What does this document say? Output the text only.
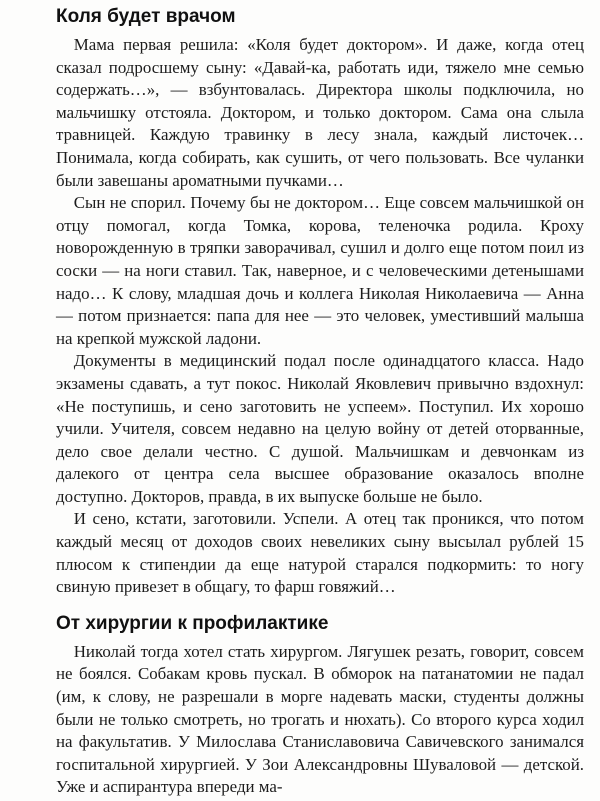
Коля будет врачом

Мама первая решила: «Коля будет доктором». И даже, когда отец сказал подросшему сыну: «Давай-ка, работать иди, тяжело мне семью содержать…», — взбунтовалась. Директора школы подключила, но мальчишку отстояла. Доктором, и только доктором. Сама она слыла травницей. Каждую травинку в лесу знала, каждый листочек… Понимала, когда собирать, как сушить, от чего пользовать. Все чуланки были завешаны ароматными пучками…

Сын не спорил. Почему бы не доктором… Еще совсем мальчишкой он отцу помогал, когда Томка, корова, теленочка родила. Кроху новорожденную в тряпки заворачивал, сушил и долго еще потом поил из соски — на ноги ставил. Так, наверное, и с человеческими детенышами надо… К слову, младшая дочь и коллега Николая Николаевича — Анна — потом признается: папа для нее — это человек, уместивший малыша на крепкой мужской ладони.

Документы в медицинский подал после одинадцатого класса. Надо экзамены сдавать, а тут покос. Николай Яковлевич привычно вздохнул: «Не поступишь, и сено заготовить не успеем». Поступил. Их хорошо учили. Учителя, совсем недавно на целую войну от детей оторванные, дело свое делали честно. С душой. Мальчишкам и девчонкам из далекого от центра села высшее образование оказалось вполне доступно. Докторов, правда, в их выпуске больше не было.

И сено, кстати, заготовили. Успели. А отец так проникся, что потом каждый месяц от доходов своих невеликих сыну высылал рублей 15 плюсом к стипендии да еще натурой старался подкормить: то ногу свиную привезет в общагу, то фарш говяжий…

От хирургии к профилактике

Николай тогда хотел стать хирургом. Лягушек резать, говорит, совсем не боялся. Собакам кровь пускал. В обморок на патанатомии не падал (им, к слову, не разрешали в морге надевать маски, студенты должны были не только смотреть, но трогать и нюхать). Со второго курса ходил на факультатив. У Милослава Станиславовича Савичевского занимался госпитальной хирургией. У Зои Александровны Шуваловой — детской. Уже и аспирантура впереди ма-
